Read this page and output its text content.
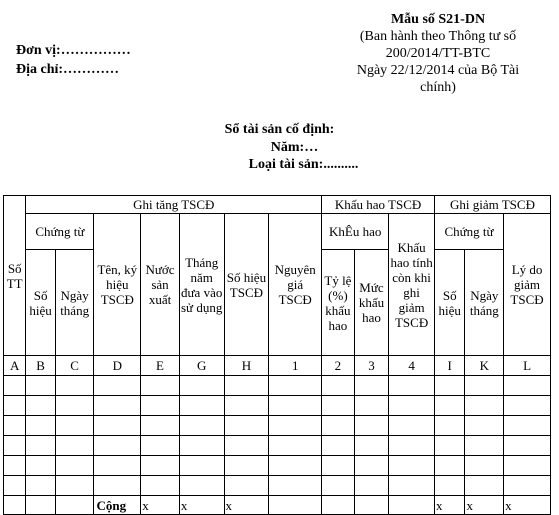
Đơn vị:……………
Địa chỉ:…………
Mẫu số S21-DN
(Ban hành theo Thông tư số
200/2014/TT-BTC
Ngày 22/12/2014 của Bộ Tài
chính)
Sổ tài sản cố định:
Năm:…
Loại tài sản:..........
Số TT	Ghi tăng TSCĐ							Khấu hao TSCĐ			Ghi giảm TSCĐ		
	Chứng từ		Tên, ký hiệu TSCĐ	Nước sản xuất	Tháng năm đưa vào sử dụng	Số hiệu TSCĐ	Nguyên giá TSCĐ	KhÊu hao		Khấu hao tính còn khi ghi giảm TSCĐ	Chứng từ		Lý do giảm TSCĐ
	Số hiệu	Ngày tháng						Tỷ lệ (%) khấu hao	Mức khấu hao		Số hiệu	Ngày tháng	
A	B	C	D	E	G	H	1	2	3	4	I	K	L

			Cộng	x	x	x					x	x	x
